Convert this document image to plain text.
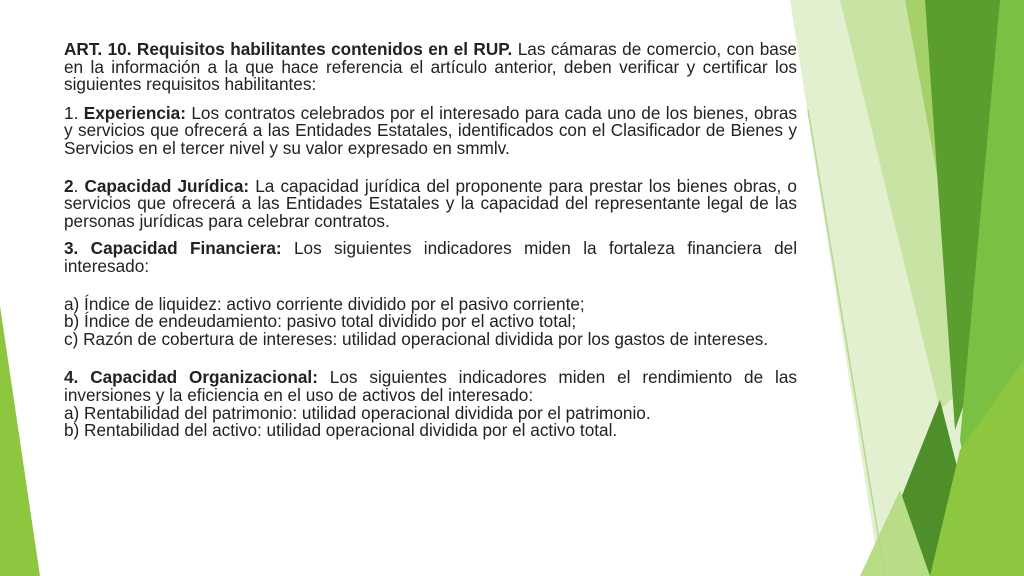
ART. 10. Requisitos habilitantes contenidos en el RUP. Las cámaras de comercio, con base en la información a la que hace referencia el artículo anterior, deben verificar y certificar los siguientes requisitos habilitantes:

1. Experiencia: Los contratos celebrados por el interesado para cada uno de los bienes, obras y servicios que ofrecerá a las Entidades Estatales, identificados con el Clasificador de Bienes y Servicios en el tercer nivel y su valor expresado en smmlv.

2. Capacidad Jurídica: La capacidad jurídica del proponente para prestar los bienes obras, o servicios que ofrecerá a las Entidades Estatales y la capacidad del representante legal de las personas jurídicas para celebrar contratos.

3. Capacidad Financiera: Los siguientes indicadores miden la fortaleza financiera del interesado:

a) Índice de liquidez: activo corriente dividido por el pasivo corriente;
b) Índice de endeudamiento: pasivo total dividido por el activo total;
c) Razón de cobertura de intereses: utilidad operacional dividida por los gastos de intereses.

4. Capacidad Organizacional: Los siguientes indicadores miden el rendimiento de las inversiones y la eficiencia en el uso de activos del interesado:
a) Rentabilidad del patrimonio: utilidad operacional dividida por el patrimonio.
b) Rentabilidad del activo: utilidad operacional dividida por el activo total.
